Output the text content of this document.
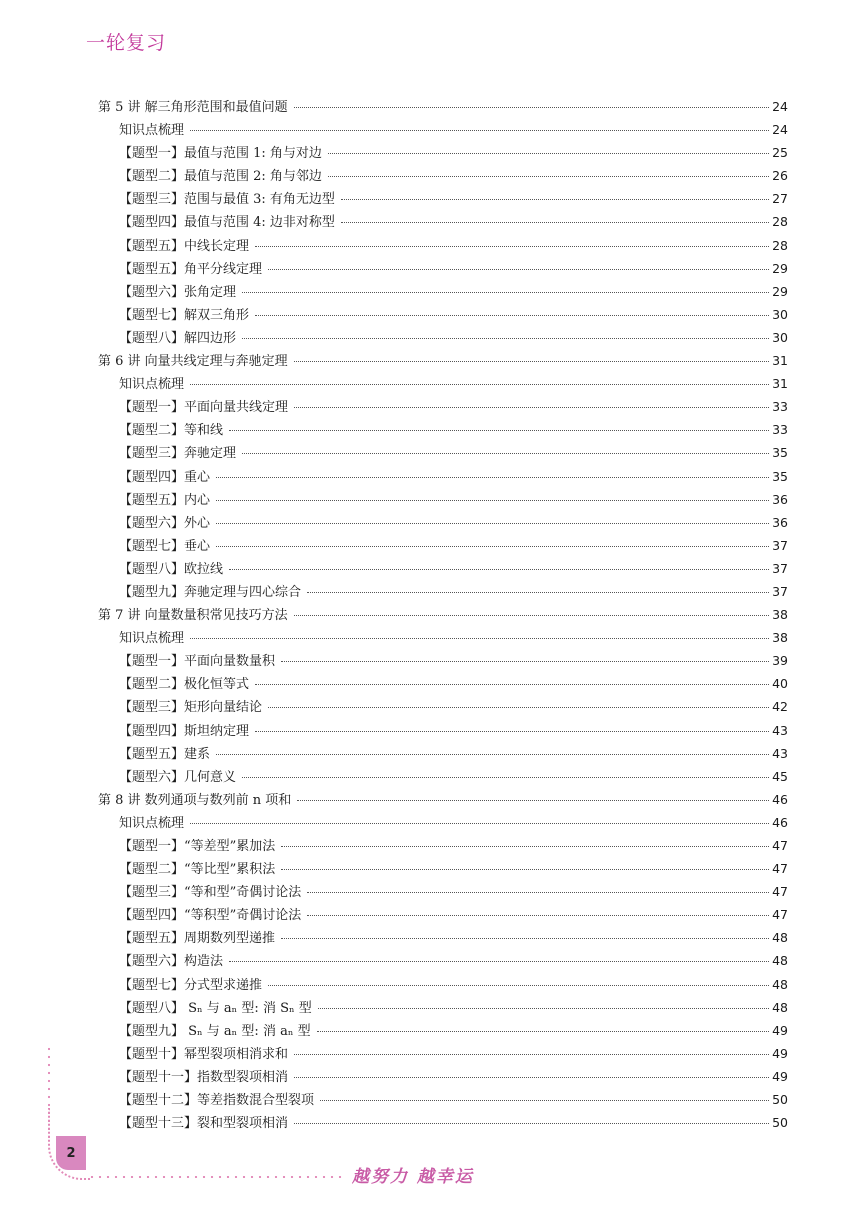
一轮复习
第 5 讲 解三角形范围和最值问题	24
知识点梳理	24
【题型一】最值与范围 1: 角与对边	25
【题型二】最值与范围 2: 角与邻边	26
【题型三】范围与最值 3: 有角无边型	27
【题型四】最值与范围 4: 边非对称型	28
【题型五】中线长定理	28
【题型五】角平分线定理	29
【题型六】张角定理	29
【题型七】解双三角形	30
【题型八】解四边形	30
第 6 讲 向量共线定理与奔驰定理	31
知识点梳理	31
【题型一】平面向量共线定理	33
【题型二】等和线	33
【题型三】奔驰定理	35
【题型四】重心	35
【题型五】内心	36
【题型六】外心	36
【题型七】垂心	37
【题型八】欧拉线	37
【题型九】奔驰定理与四心综合	37
第 7 讲 向量数量积常见技巧方法	38
知识点梳理	38
【题型一】平面向量数量积	39
【题型二】极化恒等式	40
【题型三】矩形向量结论	42
【题型四】斯坦纳定理	43
【题型五】建系	43
【题型六】几何意义	45
第 8 讲 数列通项与数列前 n 项和	46
知识点梳理	46
【题型一】“等差型”累加法	47
【题型二】“等比型”累积法	47
【题型三】“等和型”奇偶讨论法	47
【题型四】“等积型”奇偶讨论法	47
【题型五】周期数列型递推	48
【题型六】构造法	48
【题型七】分式型求递推	48
【题型八】 Sₙ 与 aₙ 型: 消 Sₙ 型	48
【题型九】 Sₙ 与 aₙ 型: 消 aₙ 型	49
【题型十】幂型裂项相消求和	49
【题型十一】指数型裂项相消	49
【题型十二】等差指数混合型裂项	50
【题型十三】裂和型裂项相消	50
2
越努力 越幸运
